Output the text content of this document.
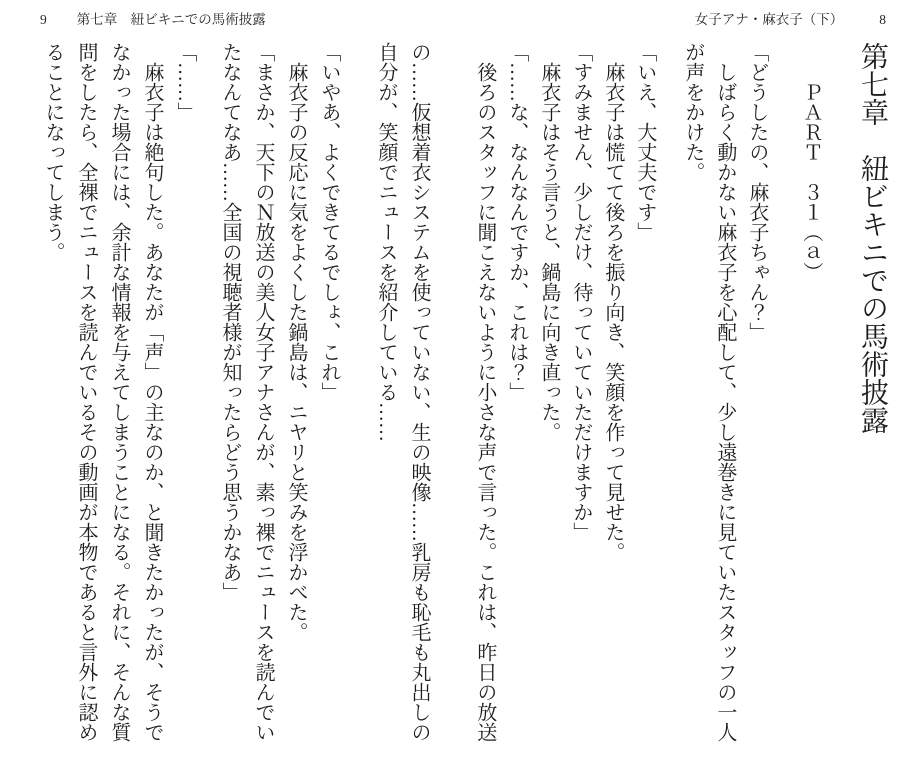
9 第七章　紐ビキニでの馬術披露

の……仮想着衣システムを使っていない、生の映像……乳房も恥毛も丸出しの自分が、笑顔でニュースを紹介している……

「いやあ、よくできてるでしょ、これ」

　麻衣子の反応に気をよくした鍋島は、ニヤリと笑みを浮かべた。

「まさか、天下のＮ放送の美人女子アナさんが、素っ裸でニュースを読んでいたなんてなあ……全国の視聴者様が知ったらどう思うかなあ」

「……」

　麻衣子は絶句した。あなたが「声」の主なのか、と聞きたかったが、そうでなかった場合には、余計な情報を与えてしまうことになる。それに、そんな質問をしたら、全裸でニュースを読んでいるその動画が本物であると言外に認めることになってしまう。

女子アナ・麻衣子（下）	8
第七章　紐ビキニでの馬術披露

ＰＡＲＴ　３１（ａ）

「どうしたの、麻衣子ちゃん？」

　しばらく動かない麻衣子を心配して、少し遠巻きに見ていたスタッフの一人が声をかけた。

「いえ、大丈夫です」

　麻衣子は慌てて後ろを振り向き、笑顔を作って見せた。

「すみません、少しだけ、待っていていただけますか」

　麻衣子はそう言うと、鍋島に向き直った。

「……な、なんなんですか、これは？」

　後ろのスタッフに聞こえないように小さな声で言った。これは、昨日の放送
